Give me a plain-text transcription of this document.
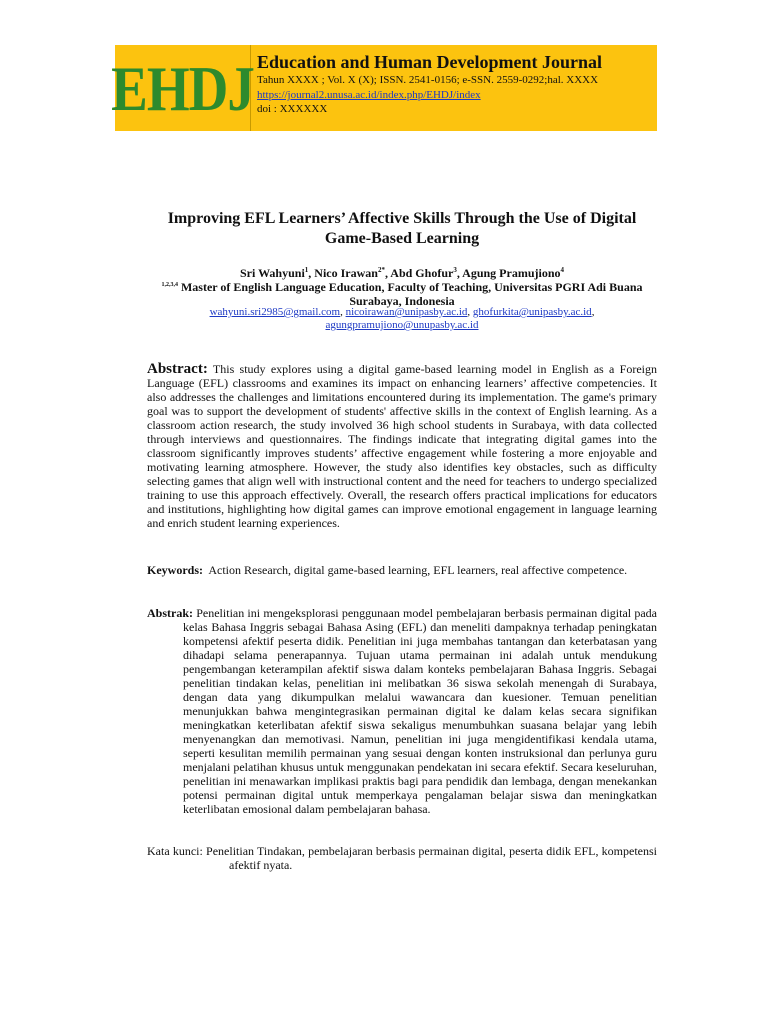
EHDJ Education and Human Development Journal
Tahun XXXX ; Vol. X (X); ISSN. 2541-0156; e-SSN. 2559-0292;hal. XXXX
https://journal2.unusa.ac.id/index.php/EHDJ/index
doi : XXXXXX
Improving EFL Learners’ Affective Skills Through the Use of Digital Game-Based Learning
Sri Wahyuni$^1$, Nico Irawan$^{2*}$, Abd Ghofur$^3$, Agung Pramujiono$^4$
$^{1,2,3,4}$ Master of English Language Education, Faculty of Teaching, Universitas PGRI Adi Buana Surabaya, Indonesia
wahyuni.sri2985@gmail.com, nicoirawan@unipasby.ac.id, ghofurkita@unipasby.ac.id, agungpramujiono@unupasby.ac.id
Abstract: This study explores using a digital game-based learning model in English as a Foreign Language (EFL) classrooms and examines its impact on enhancing learners’ affective competencies. It also addresses the challenges and limitations encountered during its implementation. The game's primary goal was to support the development of students' affective skills in the context of English learning. As a classroom action research, the study involved 36 high school students in Surabaya, with data collected through interviews and questionnaires. The findings indicate that integrating digital games into the classroom significantly improves students’ affective engagement while fostering a more enjoyable and motivating learning atmosphere. However, the study also identifies key obstacles, such as difficulty selecting games that align well with instructional content and the need for teachers to undergo specialized training to use this approach effectively. Overall, the research offers practical implications for educators and institutions, highlighting how digital games can improve emotional engagement in language learning and enrich student learning experiences.
Keywords: Action Research, digital game-based learning, EFL learners, real affective competence.
Abstrak: Penelitian ini mengeksplorasi penggunaan model pembelajaran berbasis permainan digital pada kelas Bahasa Inggris sebagai Bahasa Asing (EFL) dan meneliti dampaknya terhadap peningkatan kompetensi afektif peserta didik. Penelitian ini juga membahas tantangan dan keterbatasan yang dihadapi selama penerapannya. Tujuan utama permainan ini adalah untuk mendukung pengembangan keterampilan afektif siswa dalam konteks pembelajaran Bahasa Inggris. Sebagai penelitian tindakan kelas, penelitian ini melibatkan 36 siswa sekolah menengah di Surabaya, dengan data yang dikumpulkan melalui wawancara dan kuesioner. Temuan penelitian menunjukkan bahwa mengintegrasikan permainan digital ke dalam kelas secara signifikan meningkatkan keterlibatan afektif siswa sekaligus menumbuhkan suasana belajar yang lebih menyenangkan dan memotivasi. Namun, penelitian ini juga mengidentifikasi kendala utama, seperti kesulitan memilih permainan yang sesuai dengan konten instruksional dan perlunya guru menjalani pelatihan khusus untuk menggunakan pendekatan ini secara efektif. Secara keseluruhan, penelitian ini menawarkan implikasi praktis bagi para pendidik dan lembaga, dengan menekankan potensi permainan digital untuk memperkaya pengalaman belajar siswa dan meningkatkan keterlibatan emosional dalam pembelajaran bahasa.
Kata kunci: Penelitian Tindakan, pembelajaran berbasis permainan digital, peserta didik EFL, kompetensi afektif nyata.
